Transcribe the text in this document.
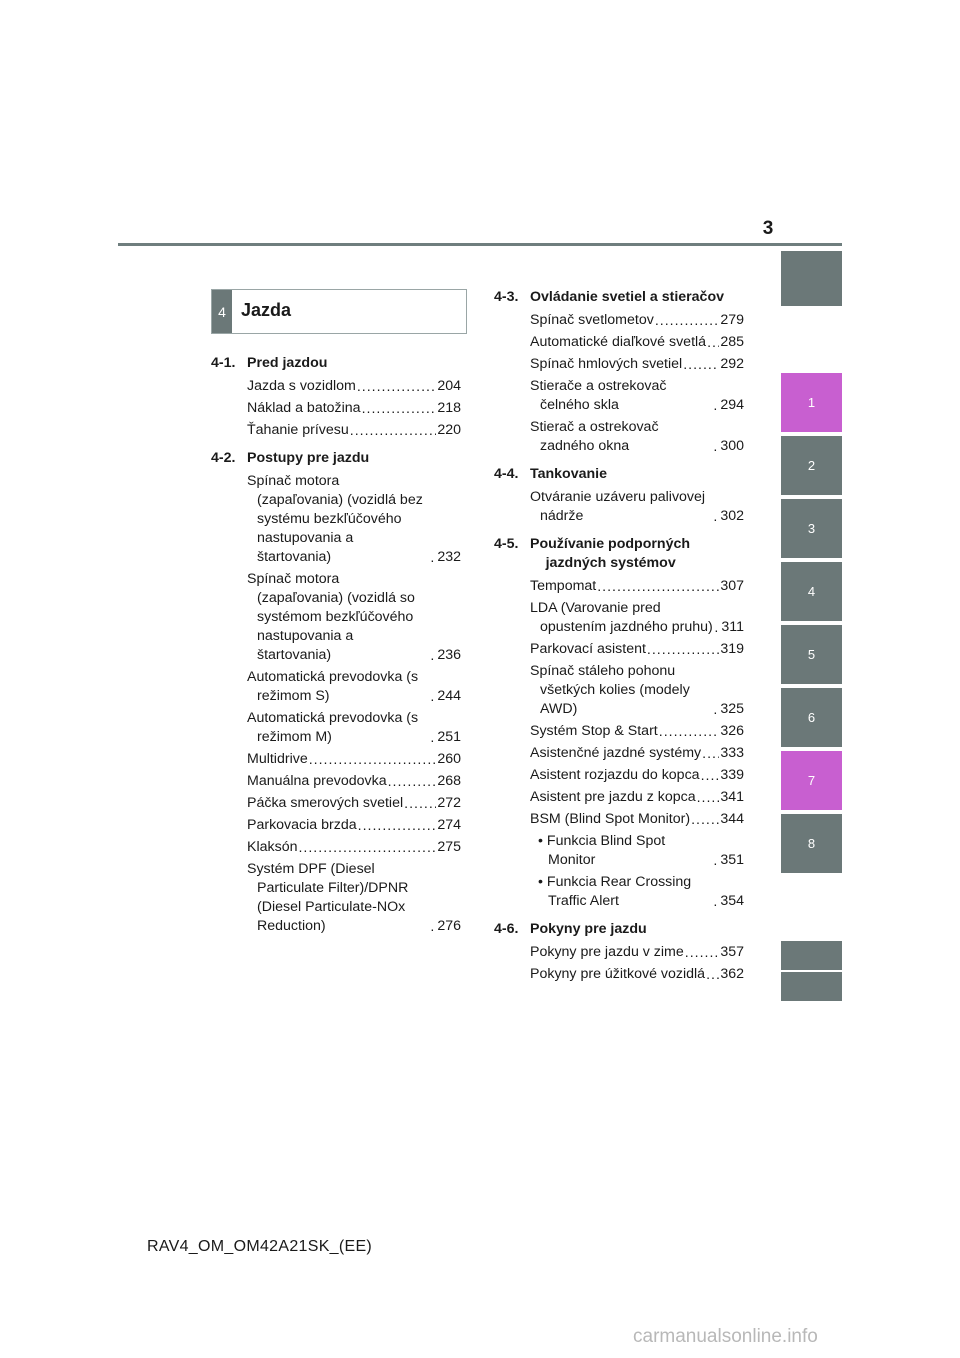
3
1
2
3
4
5
6
7
8
4 Jazda
4-1. Pred jazdou
Jazda s vozidlom .....	204
Náklad a batožina .....	218
Ťahanie prívesu .....	220
4-2. Postupy pre jazdu
Spínač motora (zapaľovania) (vozidlá bez systému bezkľúčového nastupovania a štartovania) .....	232
Spínač motora (zapaľovania) (vozidlá so systémom bezkľúčového nastupovania a štartovania) .....	236
Automatická prevodovka (s režimom S) .....	244
Automatická prevodovka (s režimom M) .....	251
Multidrive .....	260
Manuálna prevodovka .....	268
Páčka smerových svetiel ..... 272
Parkovacia brzda .....	274
Klaksón .....	275
Systém DPF (Diesel Particulate Filter)/DPNR (Diesel Particulate-NOx Reduction) .....	276
4-3. Ovládanie svetiel a stieračov
Spínač svetlometov .....	279
Automatické diaľkové svetlá ..... 285
Spínač hmlových svetiel .....	292
Stierače a ostrekovač čelného skla .....	294
Stierač a ostrekovač zadného okna .....	300
4-4. Tankovanie
Otváranie uzáveru palivovej nádrže .....	302
4-5. Používanie podporných jazdných systémov
Tempomat .....	307
LDA (Varovanie pred opustením jazdného pruhu) ..... 311
Parkovací asistent .....	319
Spínač stáleho pohonu všetkých kolies (modely AWD) .....	325
Systém Stop & Start .....	326
Asistenčné jazdné systémy ..... 333
Asistent rozjazdu do kopca ..... 339
Asistent pre jazdu z kopca ..... 341
BSM (Blind Spot Monitor) ..... 344
• Funkcia Blind Spot Monitor .....	351
• Funkcia Rear Crossing Traffic Alert .....	354
4-6. Pokyny pre jazdu
Pokyny pre jazdu v zime .....	357
Pokyny pre úžitkové vozidlá ..... 362
RAV4_OM_OM42A21SK_(EE)
carmanualsonline.info
